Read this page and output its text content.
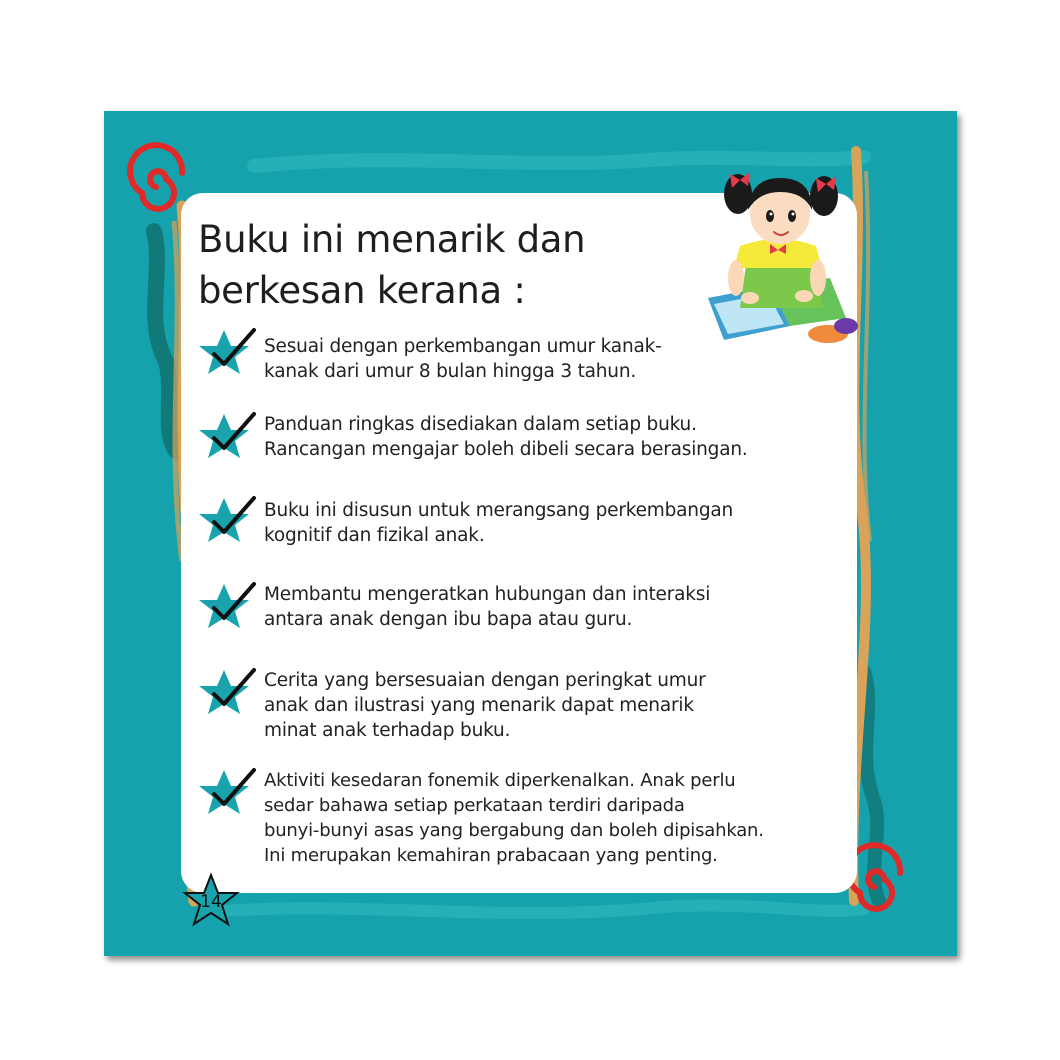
Buku ini menarik dan
berkesan kerana :
Sesuai dengan perkembangan umur kanak-
kanak dari umur 8 bulan hingga 3 tahun.
Panduan ringkas disediakan dalam setiap buku.
Rancangan mengajar boleh dibeli secara berasingan.
Buku ini disusun untuk merangsang perkembangan
kognitif dan fizikal anak.
Membantu mengeratkan hubungan dan interaksi
antara anak dengan ibu bapa atau guru.
Cerita yang bersesuaian dengan peringkat umur
anak dan ilustrasi yang menarik dapat menarik
minat anak terhadap buku.
Aktiviti kesedaran fonemik diperkenalkan. Anak perlu
sedar bahawa setiap perkataan terdiri daripada
bunyi-bunyi asas yang bergabung dan boleh dipisahkan.
Ini merupakan kemahiran prabacaan yang penting.
14
